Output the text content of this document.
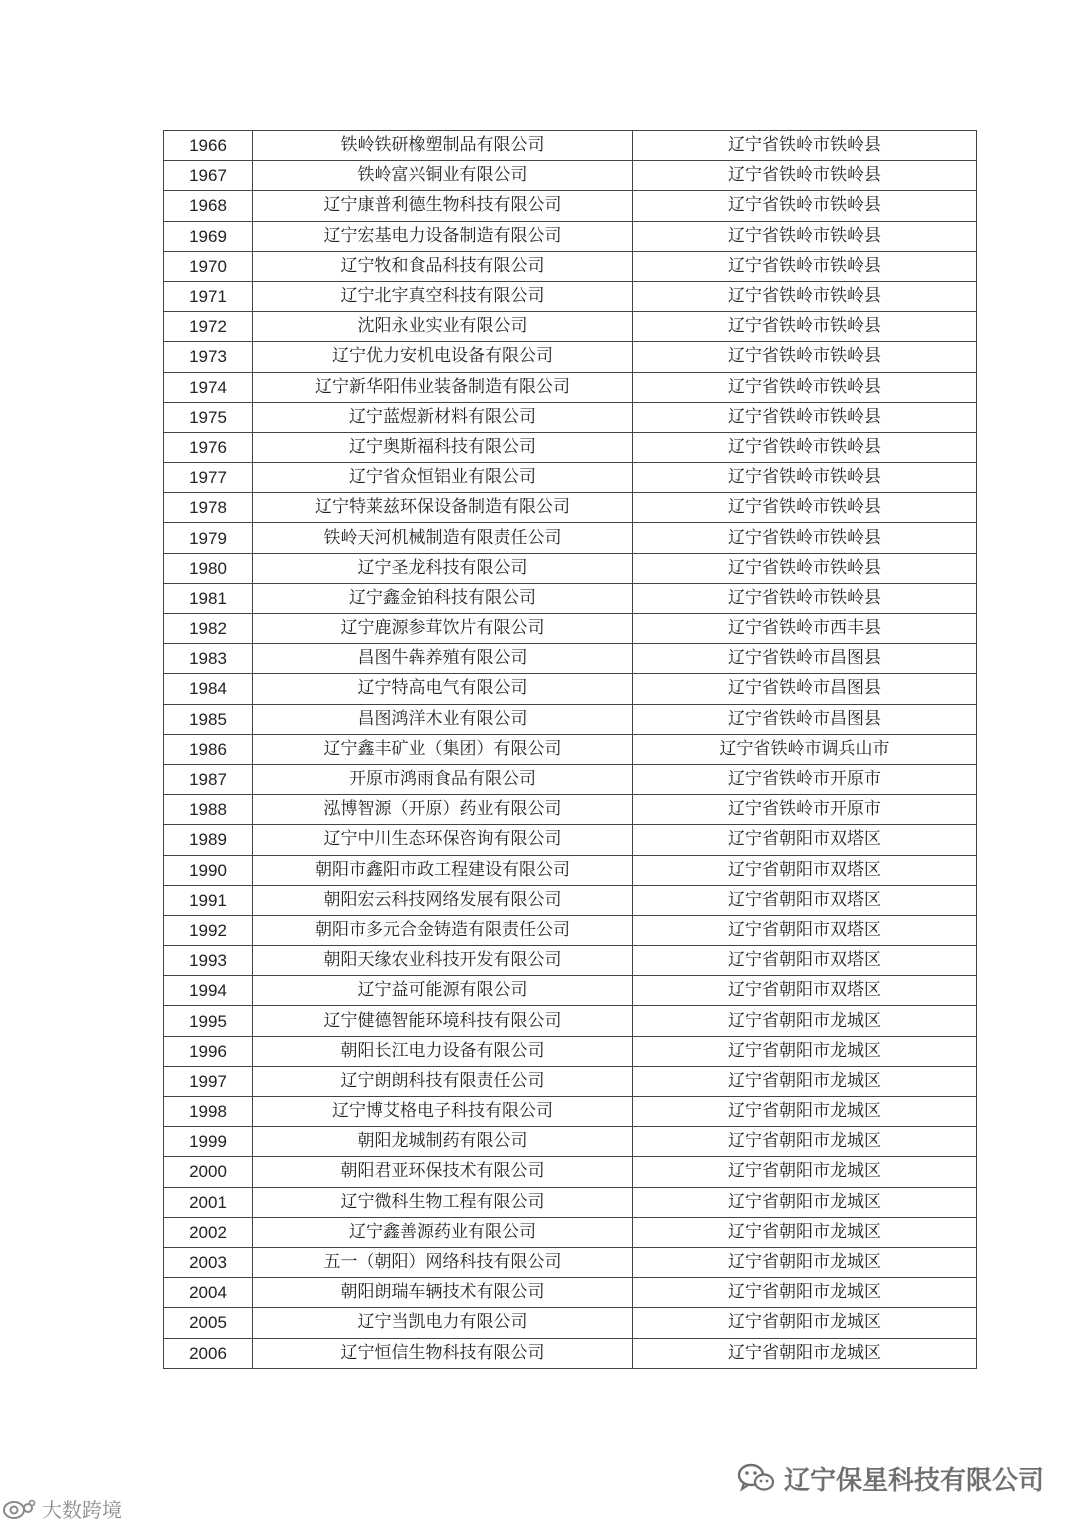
1966	铁岭铁研橡塑制品有限公司	辽宁省铁岭市铁岭县
1967	铁岭富兴铜业有限公司	辽宁省铁岭市铁岭县
1968	辽宁康普利德生物科技有限公司	辽宁省铁岭市铁岭县
1969	辽宁宏基电力设备制造有限公司	辽宁省铁岭市铁岭县
1970	辽宁牧和食品科技有限公司	辽宁省铁岭市铁岭县
1971	辽宁北宇真空科技有限公司	辽宁省铁岭市铁岭县
1972	沈阳永业实业有限公司	辽宁省铁岭市铁岭县
1973	辽宁优力安机电设备有限公司	辽宁省铁岭市铁岭县
1974	辽宁新华阳伟业装备制造有限公司	辽宁省铁岭市铁岭县
1975	辽宁蓝煜新材料有限公司	辽宁省铁岭市铁岭县
1976	辽宁奥斯福科技有限公司	辽宁省铁岭市铁岭县
1977	辽宁省众恒铝业有限公司	辽宁省铁岭市铁岭县
1978	辽宁特莱兹环保设备制造有限公司	辽宁省铁岭市铁岭县
1979	铁岭天河机械制造有限责任公司	辽宁省铁岭市铁岭县
1980	辽宁圣龙科技有限公司	辽宁省铁岭市铁岭县
1981	辽宁鑫金铂科技有限公司	辽宁省铁岭市铁岭县
1982	辽宁鹿源参茸饮片有限公司	辽宁省铁岭市西丰县
1983	昌图牛犇养殖有限公司	辽宁省铁岭市昌图县
1984	辽宁特高电气有限公司	辽宁省铁岭市昌图县
1985	昌图鸿洋木业有限公司	辽宁省铁岭市昌图县
1986	辽宁鑫丰矿业（集团）有限公司	辽宁省铁岭市调兵山市
1987	开原市鸿雨食品有限公司	辽宁省铁岭市开原市
1988	泓博智源（开原）药业有限公司	辽宁省铁岭市开原市
1989	辽宁中川生态环保咨询有限公司	辽宁省朝阳市双塔区
1990	朝阳市鑫阳市政工程建设有限公司	辽宁省朝阳市双塔区
1991	朝阳宏云科技网络发展有限公司	辽宁省朝阳市双塔区
1992	朝阳市多元合金铸造有限责任公司	辽宁省朝阳市双塔区
1993	朝阳天缘农业科技开发有限公司	辽宁省朝阳市双塔区
1994	辽宁益可能源有限公司	辽宁省朝阳市双塔区
1995	辽宁健德智能环境科技有限公司	辽宁省朝阳市龙城区
1996	朝阳长江电力设备有限公司	辽宁省朝阳市龙城区
1997	辽宁朗朗科技有限责任公司	辽宁省朝阳市龙城区
1998	辽宁博艾格电子科技有限公司	辽宁省朝阳市龙城区
1999	朝阳龙城制药有限公司	辽宁省朝阳市龙城区
2000	朝阳君亚环保技术有限公司	辽宁省朝阳市龙城区
2001	辽宁微科生物工程有限公司	辽宁省朝阳市龙城区
2002	辽宁鑫善源药业有限公司	辽宁省朝阳市龙城区
2003	五一（朝阳）网络科技有限公司	辽宁省朝阳市龙城区
2004	朝阳朗瑞车辆技术有限公司	辽宁省朝阳市龙城区
2005	辽宁当凯电力有限公司	辽宁省朝阳市龙城区
2006	辽宁恒信生物科技有限公司	辽宁省朝阳市龙城区
大数跨境
辽宁保星科技有限公司
